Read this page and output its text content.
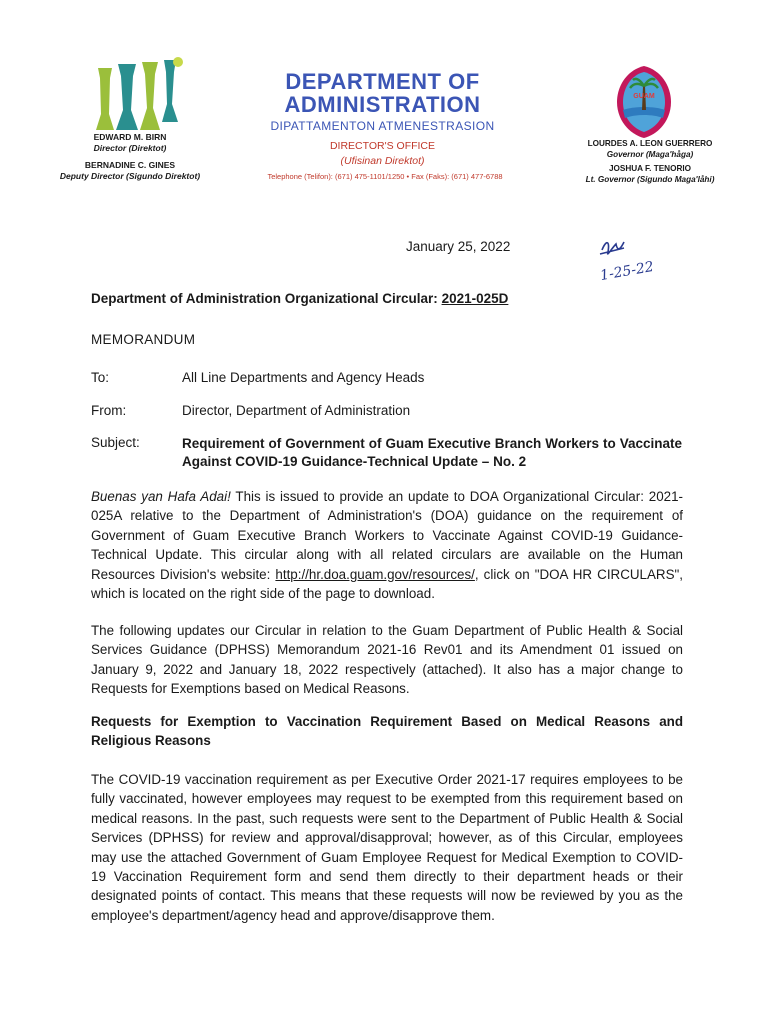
EDWARD M. BIRN
Director (Direktot)
BERNADINE C. GINES
Deputy Director (Sigundo Direktot)
DEPARTMENT OF
ADMINISTRATION
DIPATTAMENTON ATMENESTRASION
DIRECTOR'S OFFICE
(Ufisinan Direktot)
Telephone (Telifon): (671) 475-1101/1250 • Fax (Faks): (671) 477-6788
GUAM
LOURDES A. LEON GUERRERO
Governor (Maga'håga)
JOSHUA F. TENORIO
Lt. Governor (Sigundo Maga'låhi)
January 25, 2022
1-25-22
Department of Administration Organizational Circular: 2021-025D
MEMORANDUM
To:	All Line Departments and Agency Heads
From:	Director, Department of Administration
Subject:	Requirement of Government of Guam Executive Branch Workers to Vaccinate Against COVID-19 Guidance-Technical Update – No. 2
Buenas yan Hafa Adai! This is issued to provide an update to DOA Organizational Circular: 2021-025A relative to the Department of Administration's (DOA) guidance on the requirement of Government of Guam Executive Branch Workers to Vaccinate Against COVID-19 Guidance-Technical Update. This circular along with all related circulars are available on the Human Resources Division's website: http://hr.doa.guam.gov/resources/, click on "DOA HR CIRCULARS", which is located on the right side of the page to download.
The following updates our Circular in relation to the Guam Department of Public Health & Social Services Guidance (DPHSS) Memorandum 2021-16 Rev01 and its Amendment 01 issued on January 9, 2022 and January 18, 2022 respectively (attached). It also has a major change to Requests for Exemptions based on Medical Reasons.
Requests for Exemption to Vaccination Requirement Based on Medical Reasons and Religious Reasons
The COVID-19 vaccination requirement as per Executive Order 2021-17 requires employees to be fully vaccinated, however employees may request to be exempted from this requirement based on medical reasons. In the past, such requests were sent to the Department of Public Health & Social Services (DPHSS) for review and approval/disapproval; however, as of this Circular, employees may use the attached Government of Guam Employee Request for Medical Exemption to COVID-19 Vaccination Requirement form and send them directly to their department heads or their designated points of contact. This means that these requests will now be reviewed by you as the employee's department/agency head and approve/disapprove them.
